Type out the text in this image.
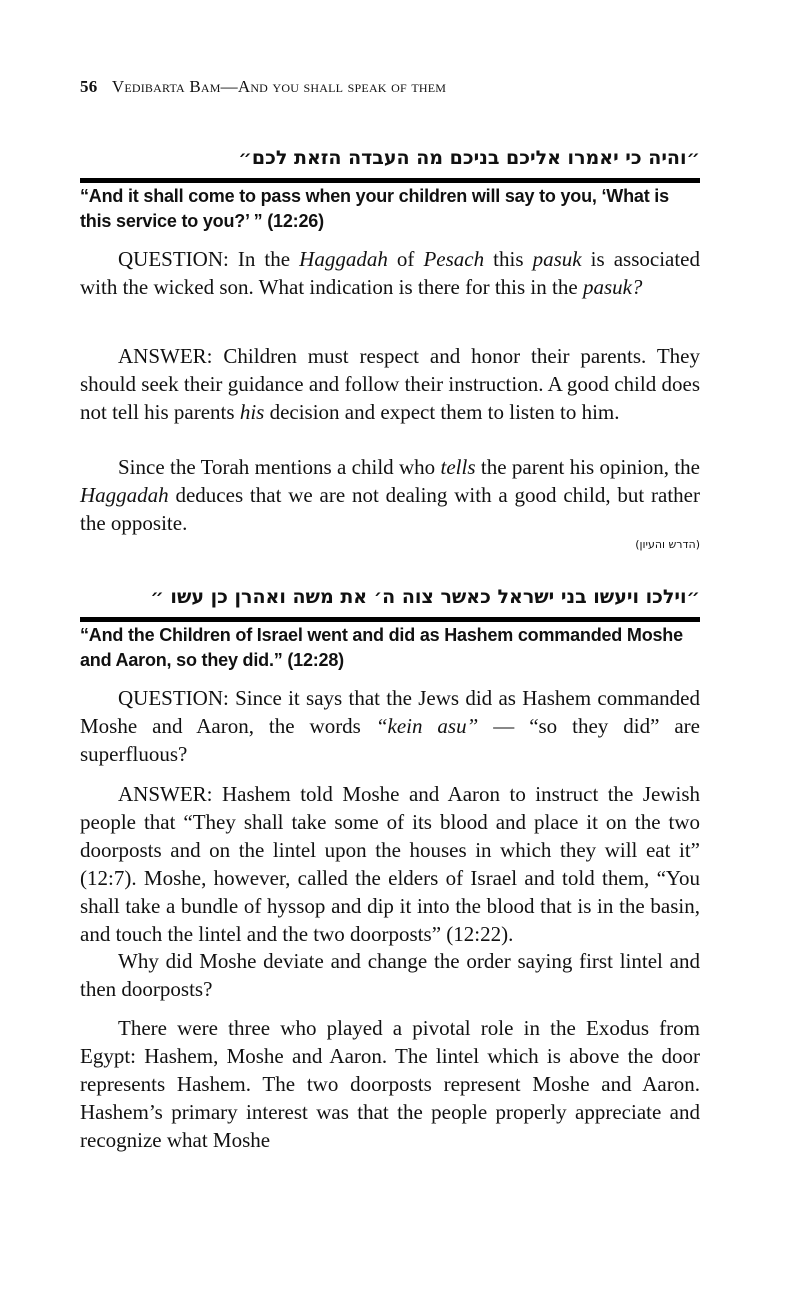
56 Vedibarta Bam—And you shall speak of them
״והיה כי יאמרו אליכם בניכם מה העבדה הזאת לכם״
“And it shall come to pass when your children will say to you, ‘What is this service to you?’ ” (12:26)
QUESTION: In the Haggadah of Pesach this pasuk is associated with the wicked son. What indication is there for this in the pasuk?
ANSWER: Children must respect and honor their parents. They should seek their guidance and follow their instruction. A good child does not tell his parents his decision and expect them to listen to him.
Since the Torah mentions a child who tells the parent his opinion, the Haggadah deduces that we are not dealing with a good child, but rather the opposite.
(הדרש והעיון)
״וילכו ויעשו בני ישראל כאשר צוה ה׳ את משה ואהרן כן עשו ״
“And the Children of Israel went and did as Hashem commanded Moshe and Aaron, so they did.” (12:28)
QUESTION: Since it says that the Jews did as Hashem commanded Moshe and Aaron, the words “kein asu” — “so they did” are superfluous?
ANSWER: Hashem told Moshe and Aaron to instruct the Jewish people that “They shall take some of its blood and place it on the two doorposts and on the lintel upon the houses in which they will eat it” (12:7). Moshe, however, called the elders of Israel and told them, “You shall take a bundle of hyssop and dip it into the blood that is in the basin, and touch the lintel and the two doorposts” (12:22).
Why did Moshe deviate and change the order saying first lintel and then doorposts?
There were three who played a pivotal role in the Exodus from Egypt: Hashem, Moshe and Aaron. The lintel which is above the door represents Hashem. The two doorposts represent Moshe and Aaron. Hashem’s primary interest was that the people properly appreciate and recognize what Moshe
